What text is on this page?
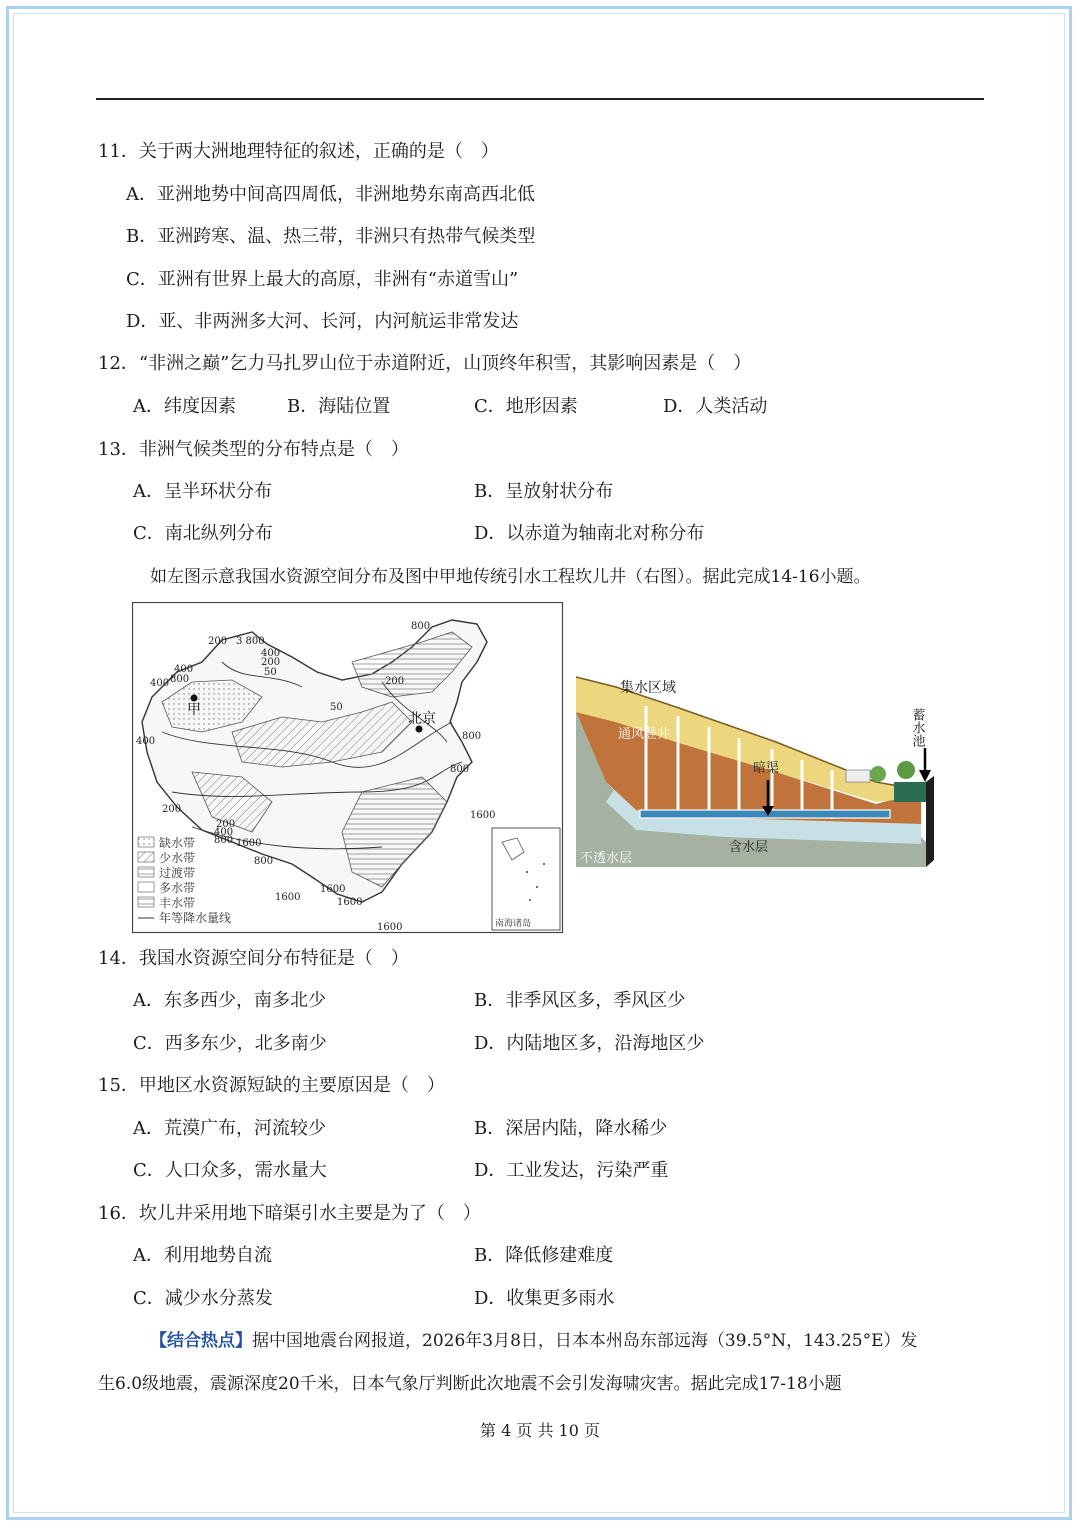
11．关于两大洲地理特征的叙述，正确的是（　）
A．亚洲地势中间高四周低，非洲地势东南高西北低
B．亚洲跨寒、温、热三带，非洲只有热带气候类型
C．亚洲有世界上最大的高原，非洲有“赤道雪山”
D．亚、非两洲多大河、长河，内河航运非常发达
12．“非洲之巅”乞力马扎罗山位于赤道附近，山顶终年积雪，其影响因素是（　）
A．纬度因素	B．海陆位置	C．地形因素	D．人类活动
13．非洲气候类型的分布特点是（　）
A．呈半环状分布	B．呈放射状分布
C．南北纵列分布	D．以赤道为轴南北对称分布
如左图示意我国水资源空间分布及图中甲地传统引水工程坎儿井（右图）。据此完成14-16小题。
南海诸岛
甲
北京
200 3 800
400
200
50
400
800
400
800
200
50
400
200
800
800
200
400
800 1600
800
1600
1600
1600	1600
1600
缺水带
少水带
过渡带
多水带
丰水带
年等降水量线
集水区域
通风竖井
暗渠
含水层
不透水层
蓄水池
14．我国水资源空间分布特征是（　）
A．东多西少，南多北少	B．非季风区多，季风区少
C．西多东少，北多南少	D．内陆地区多，沿海地区少
15．甲地区水资源短缺的主要原因是（　）
A．荒漠广布，河流较少	B．深居内陆，降水稀少
C．人口众多，需水量大	D．工业发达，污染严重
16．坎儿井采用地下暗渠引水主要是为了（　）
A．利用地势自流	B．降低修建难度
C．减少水分蒸发	D．收集更多雨水
【结合热点】据中国地震台网报道，2026年3月8日，日本本州岛东部远海（39.5°N，143.25°E）发
生6.0级地震，震源深度20千米，日本气象厅判断此次地震不会引发海啸灾害。据此完成17-18小题
第 4 页 共 10 页
